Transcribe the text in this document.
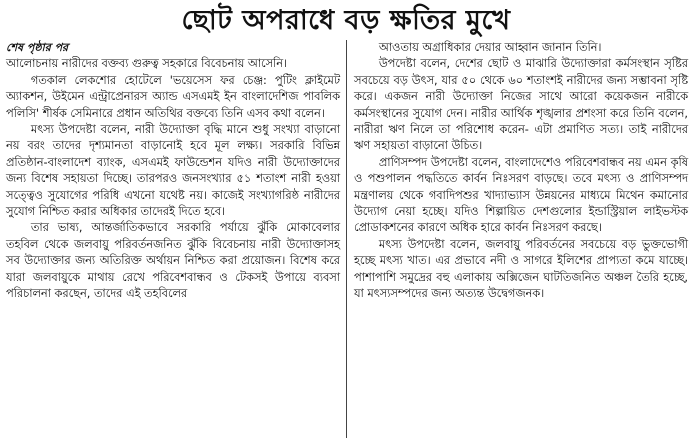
ছোট অপরাধে বড় ক্ষতির মুখে
শেষ পৃষ্ঠার পর

আলোচনায় নারীদের বক্তব্য গুরুত্ব সহকারে বিবেচনায় আসেনি।

গতকাল লেকশোর হোটেলে 'ভয়েসেস ফর চেঞ্জ: পুটিং ক্লাইমেট অ্যাকশন, উইমেন এন্ট্রাপ্রেনারস অ্যান্ড এসএমই ইন বাংলাদেশিজ পাবলিক পলিসি' শীর্ষক সেমিনারে প্রধান অতিথির বক্তব্যে তিনি এসব কথা বলেন।

মৎস্য উপদেষ্টা বলেন, নারী উদ্যোক্তা বৃদ্ধি মানে শুধু সংখ্যা বাড়ানো নয় বরং তাদের দৃশ্যমানতা বাড়ানোই হবে মূল লক্ষ্য। সরকারি বিভিন্ন প্রতিষ্ঠান-বাংলাদেশ ব্যাংক, এসএমই ফাউন্ডেশন যদিও নারী উদ্যোক্তাদের জন্য বিশেষ সহায়তা দিচ্ছে। তারপরও জনসংখ্যার ৫১ শতাংশ নারী হওয়া সত্ত্বেও সুযোগের পরিধি এখনো যথেষ্ট নয়। কাজেই সংখ্যাগরিষ্ঠ নারীদের সুযোগ নিশ্চিত করার অধিকার তাদেরই দিতে হবে।

তার ভাষ্য, আন্তর্জাতিকভাবে সরকারি পর্যায়ে ঝুঁকি মোকাবেলার তহবিল থেকে জলবায়ু পরিবর্তনজনিত ঝুঁকি বিবেচনায় নারী উদ্যোক্তাসহ সব উদ্যোক্তার জন্য অতিরিক্ত অর্থায়ন নিশ্চিত করা প্রয়োজন। বিশেষ করে যারা জলবায়ুকে মাথায় রেখে পরিবেশবান্ধব ও টেকসই উপায়ে ব্যবসা পরিচালনা করছেন, তাদের এই তহবিলের

আওতায় অগ্রাধিকার দেয়ার আহ্বান জানান তিনি।

উপদেষ্টা বলেন, দেশের ছোট ও মাঝারি উদ্যোক্তারা কর্মসংস্থান সৃষ্টির সবচেয়ে বড় উৎস, যার ৫০ থেকে ৬০ শতাংশই নারীদের জন্য সম্ভাবনা সৃষ্টি করে। একজন নারী উদ্যোক্তা নিজের সাথে আরো কয়েকজন নারীকে কর্মসংস্থানের সুযোগ দেন। নারীর আর্থিক শৃঙ্খলার প্রশংসা করে তিনি বলেন, নারীরা ঋণ নিলে তা পরিশোধ করেন- এটা প্রমাণিত সত্য। তাই নারীদের ঋণ সহায়তা বাড়ানো উচিত।

প্রাণিসম্পদ উপদেষ্টা বলেন, বাংলাদেশেও পরিবেশবান্ধব নয় এমন কৃষি ও পশুপালন পদ্ধতিতে কার্বন নিঃসরণ বাড়ছে। তবে মৎস্য ও প্রাণিসম্পদ মন্ত্রণালয় থেকে গবাদিপশুর খাদ্যাভ্যাস উন্নয়নের মাধ্যমে মিথেন কমানোর উদ্যোগ নেয়া হচ্ছে। যদিও শিল্পায়িত দেশগুলোর ইন্ডাস্ট্রিয়াল লাইভস্টক প্রোডাকশনের কারণে অধিক হারে কার্বন নিঃসরণ করছে।

মৎস্য উপদেষ্টা বলেন, জলবায়ু পরিবর্তনের সবচেয়ে বড় ভুক্তভোগী হচ্ছে মৎস্য খাত। এর প্রভাবে নদী ও সাগরে ইলিশের প্রাপ্যতা কমে যাচ্ছে। পাশাপাশি সমুদ্রের বহু এলাকায় অক্সিজেন ঘাটতিজনিত অঞ্চল তৈরি হচ্ছে, যা মৎস্যসম্পদের জন্য অত্যন্ত উদ্বেগজনক।
